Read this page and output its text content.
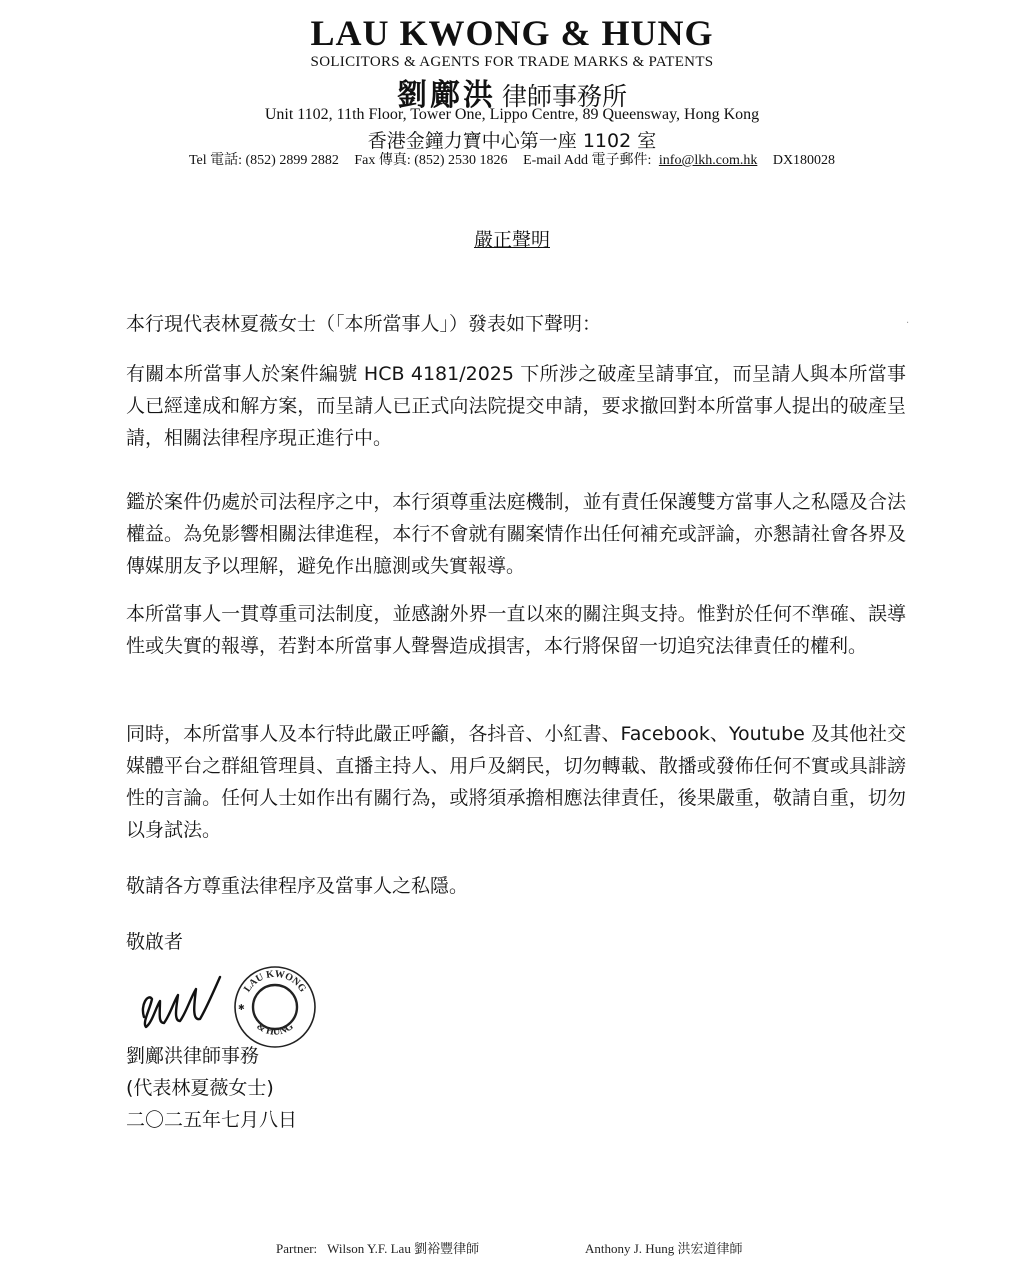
LAU KWONG & HUNG
SOLICITORS & AGENTS FOR TRADE MARKS & PATENTS
劉鄺洪 律師事務所
Unit 1102, 11th Floor, Tower One, Lippo Centre, 89 Queensway, Hong Kong
香港金鐘力寶中心第一座 1102 室
Tel 電話: (852) 2899 2882 Fax 傳真: (852) 2530 1826 E-mail Add 電子郵件: info@lkh.com.hk DX180028
嚴正聲明
·
本行現代表林夏薇女士（「本所當事人」）發表如下聲明：
有關本所當事人於案件編號 HCB 4181/2025 下所涉之破產呈請事宜，而呈請人與本所當事人已經達成和解方案，而呈請人已正式向法院提交申請，要求撤回對本所當事人提出的破產呈請，相關法律程序現正進行中。
鑑於案件仍處於司法程序之中，本行須尊重法庭機制，並有責任保護雙方當事人之私隱及合法權益。為免影響相關法律進程，本行不會就有關案情作出任何補充或評論，亦懇請社會各界及傳媒朋友予以理解，避免作出臆測或失實報導。
本所當事人一貫尊重司法制度，並感謝外界一直以來的關注與支持。惟對於任何不準確、誤導性或失實的報導，若對本所當事人聲譽造成損害，本行將保留一切追究法律責任的權利。
同時，本所當事人及本行特此嚴正呼籲，各抖音、小紅書、Facebook、Youtube 及其他社交媒體平台之群組管理員、直播主持人、用戶及網民，切勿轉載、散播或發佈任何不實或具誹謗性的言論。任何人士如作出有關行為，或將須承擔相應法律責任，後果嚴重，敬請自重，切勿以身試法。
敬請各方尊重法律程序及當事人之私隱。
敬啟者
LAU KWONG
& HUNG
✱
劉鄺洪律師事務
(代表林夏薇女士)
二〇二五年七月八日
Partner: Wilson Y.F. Lau 劉裕豐律師	Anthony J. Hung 洪宏道律師
